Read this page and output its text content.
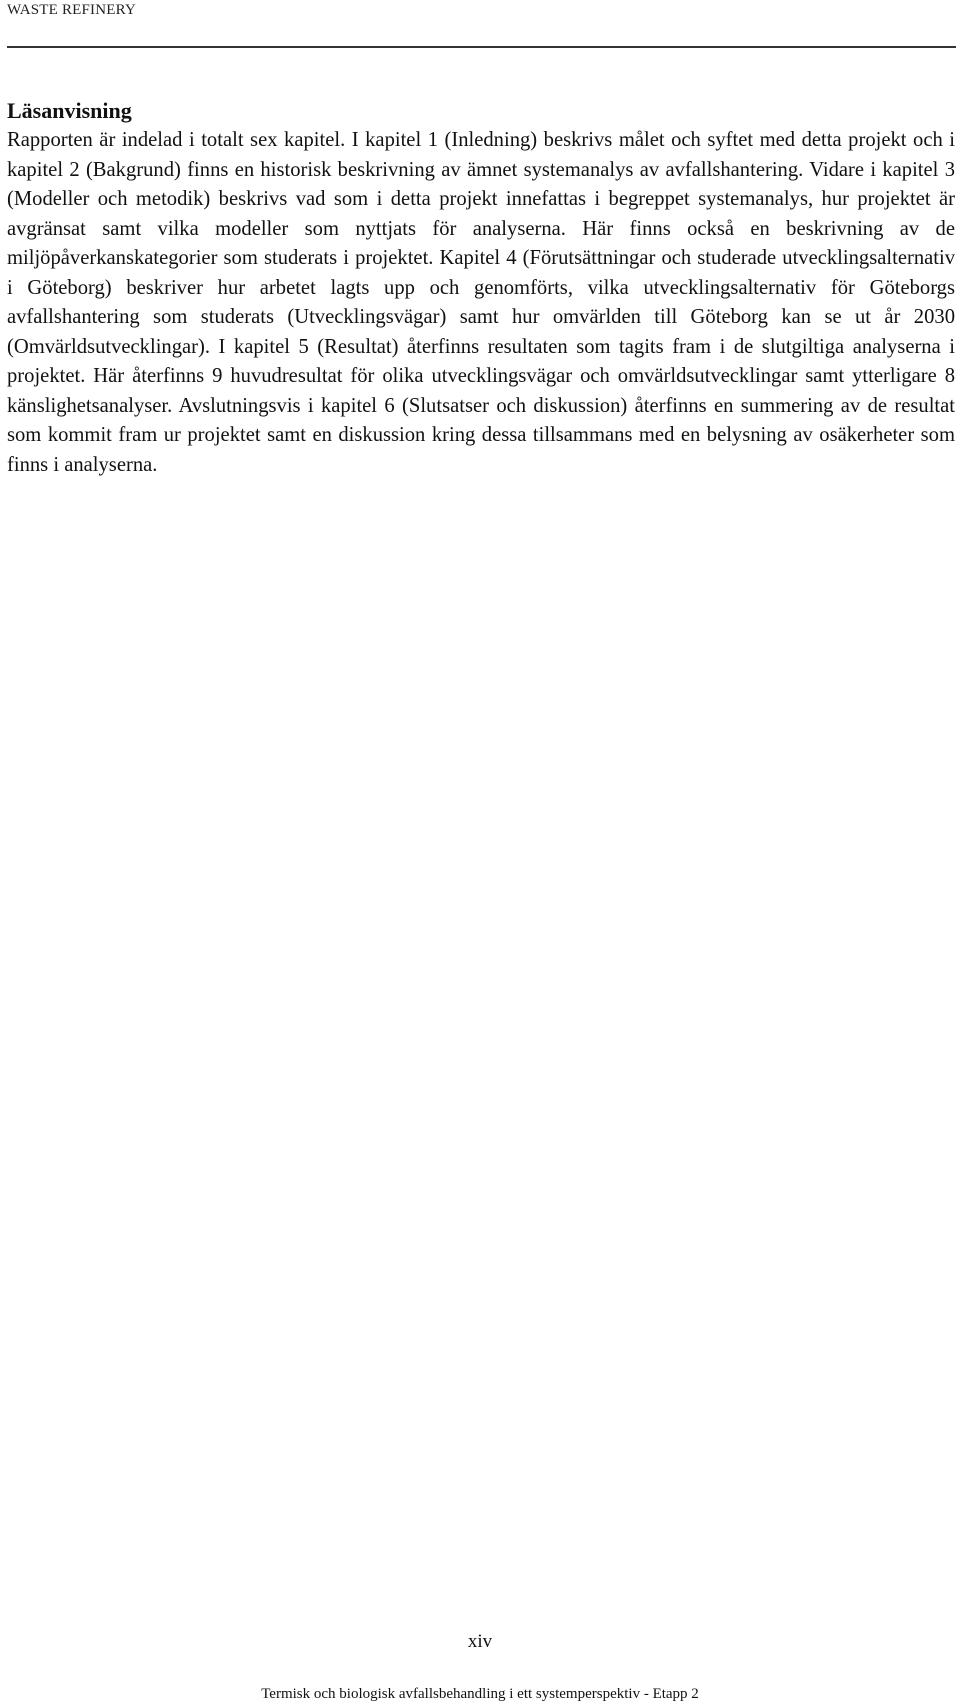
WASTE REFINERY
Läsanvisning

Rapporten är indelad i totalt sex kapitel. I kapitel 1 (Inledning) beskrivs målet och syftet med detta projekt och i kapitel 2 (Bakgrund) finns en historisk beskrivning av ämnet systemanalys av avfallshantering. Vidare i kapitel 3 (Modeller och metodik) beskrivs vad som i detta projekt innefattas i begreppet systemanalys, hur projektet är avgränsat samt vilka modeller som nyttjats för analyserna. Här finns också en beskrivning av de miljöpåverkanskategorier som studerats i projektet. Kapitel 4 (Förutsättningar och studerade utvecklingsalternativ i Göteborg) beskriver hur arbetet lagts upp och genomförts, vilka utvecklingsalternativ för Göteborgs avfallshantering som studerats (Utvecklingsvägar) samt hur omvärlden till Göteborg kan se ut år 2030 (Omvärldsutvecklingar). I kapitel 5 (Resultat) återfinns resultaten som tagits fram i de slutgiltiga analyserna i projektet. Här återfinns 9 huvudresultat för olika utvecklingsvägar och omvärldsutvecklingar samt ytterligare 8 känslighetsanalyser. Avslutningsvis i kapitel 6 (Slutsatser och diskussion) återfinns en summering av de resultat som kommit fram ur projektet samt en diskussion kring dessa tillsammans med en belysning av osäkerheter som finns i analyserna.

xiv
Termisk och biologisk avfallsbehandling i ett systemperspektiv - Etapp 2
